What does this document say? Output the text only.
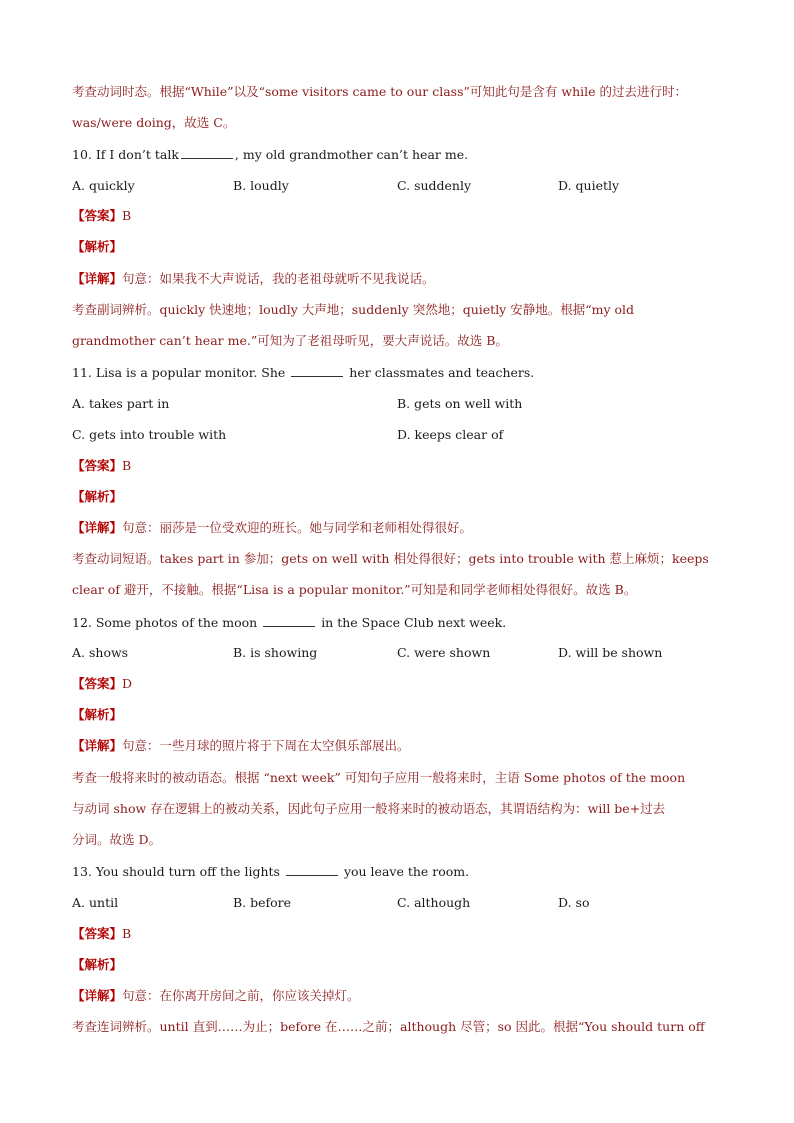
考查动词时态。根据“While”以及“some visitors came to our class”可知此句是含有 while 的过去进行时：
was/were doing，故选 C。
10. If I don’t talk	, my old grandmother can’t hear me.
A. quickly	B. loudly	C. suddenly	D. quietly
【答案】B
【解析】
【详解】句意：如果我不大声说话，我的老祖母就听不见我说话。
考查副词辨析。quickly 快速地；loudly 大声地；suddenly 突然地；quietly 安静地。根据“my old
grandmother can’t hear me.”可知为了老祖母听见，要大声说话。故选 B。
11. Lisa is a popular monitor. She	her classmates and teachers.
A. takes part in	B. gets on well with
C. gets into trouble with	D. keeps clear of
【答案】B
【解析】
【详解】句意：丽莎是一位受欢迎的班长。她与同学和老师相处得很好。
考查动词短语。takes part in 参加；gets on well with 相处得很好；gets into trouble with 惹上麻烦；keeps
clear of 避开，不接触。根据“Lisa is a popular monitor.”可知是和同学老师相处得很好。故选 B。
12. Some photos of the moon	in the Space Club next week.
A. shows	B. is showing	C. were shown	D. will be shown
【答案】D
【解析】
【详解】句意：一些月球的照片将于下周在太空俱乐部展出。
考查一般将来时的被动语态。根据 “next week” 可知句子应用一般将来时，主语 Some photos of the moon
与动词 show 存在逻辑上的被动关系，因此句子应用一般将来时的被动语态，其谓语结构为：will be+过去
分词。故选 D。
13. You should turn off the lights	you leave the room.
A. until	B. before	C. although	D. so
【答案】B
【解析】
【详解】句意：在你离开房间之前，你应该关掉灯。
考查连词辨析。until 直到……为止；before 在……之前；although 尽管；so 因此。根据“You should turn off
